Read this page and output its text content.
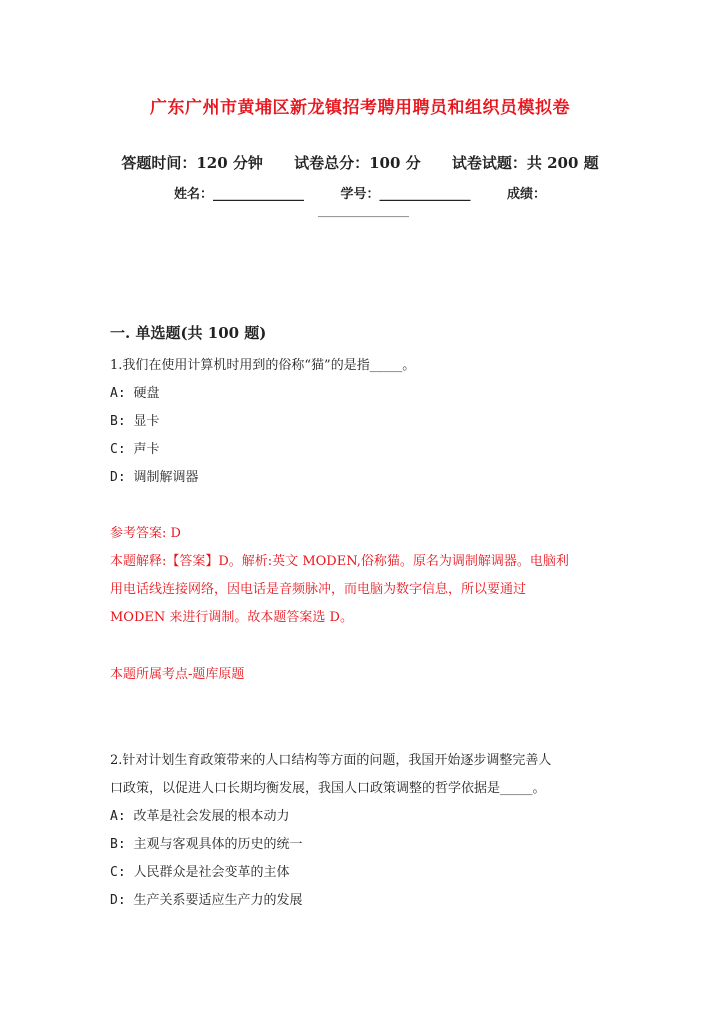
广东广州市黄埔区新龙镇招考聘用聘员和组织员模拟卷
答题时间：120 分钟 试卷总分：100 分 试卷试题：共 200 题
姓名：______________	学号：______________	成绩：
______________
一. 单选题(共 100 题)

1.我们在使用计算机时用到的俗称“猫”的是指_____。

A: 硬盘

B: 显卡

C: 声卡

D: 调制解调器

参考答案: D

本题解释:【答案】D。解析:英文 MODEN,俗称猫。原名为调制解调器。电脑利

用电话线连接网络，因电话是音频脉冲，而电脑为数字信息，所以要通过

MODEN 来进行调制。故本题答案选 D。

本题所属考点-题库原题

2.针对计划生育政策带来的人口结构等方面的问题，我国开始逐步调整完善人

口政策，以促进人口长期均衡发展，我国人口政策调整的哲学依据是_____。

A: 改革是社会发展的根本动力

B: 主观与客观具体的历史的统一

C: 人民群众是社会变革的主体

D: 生产关系要适应生产力的发展
